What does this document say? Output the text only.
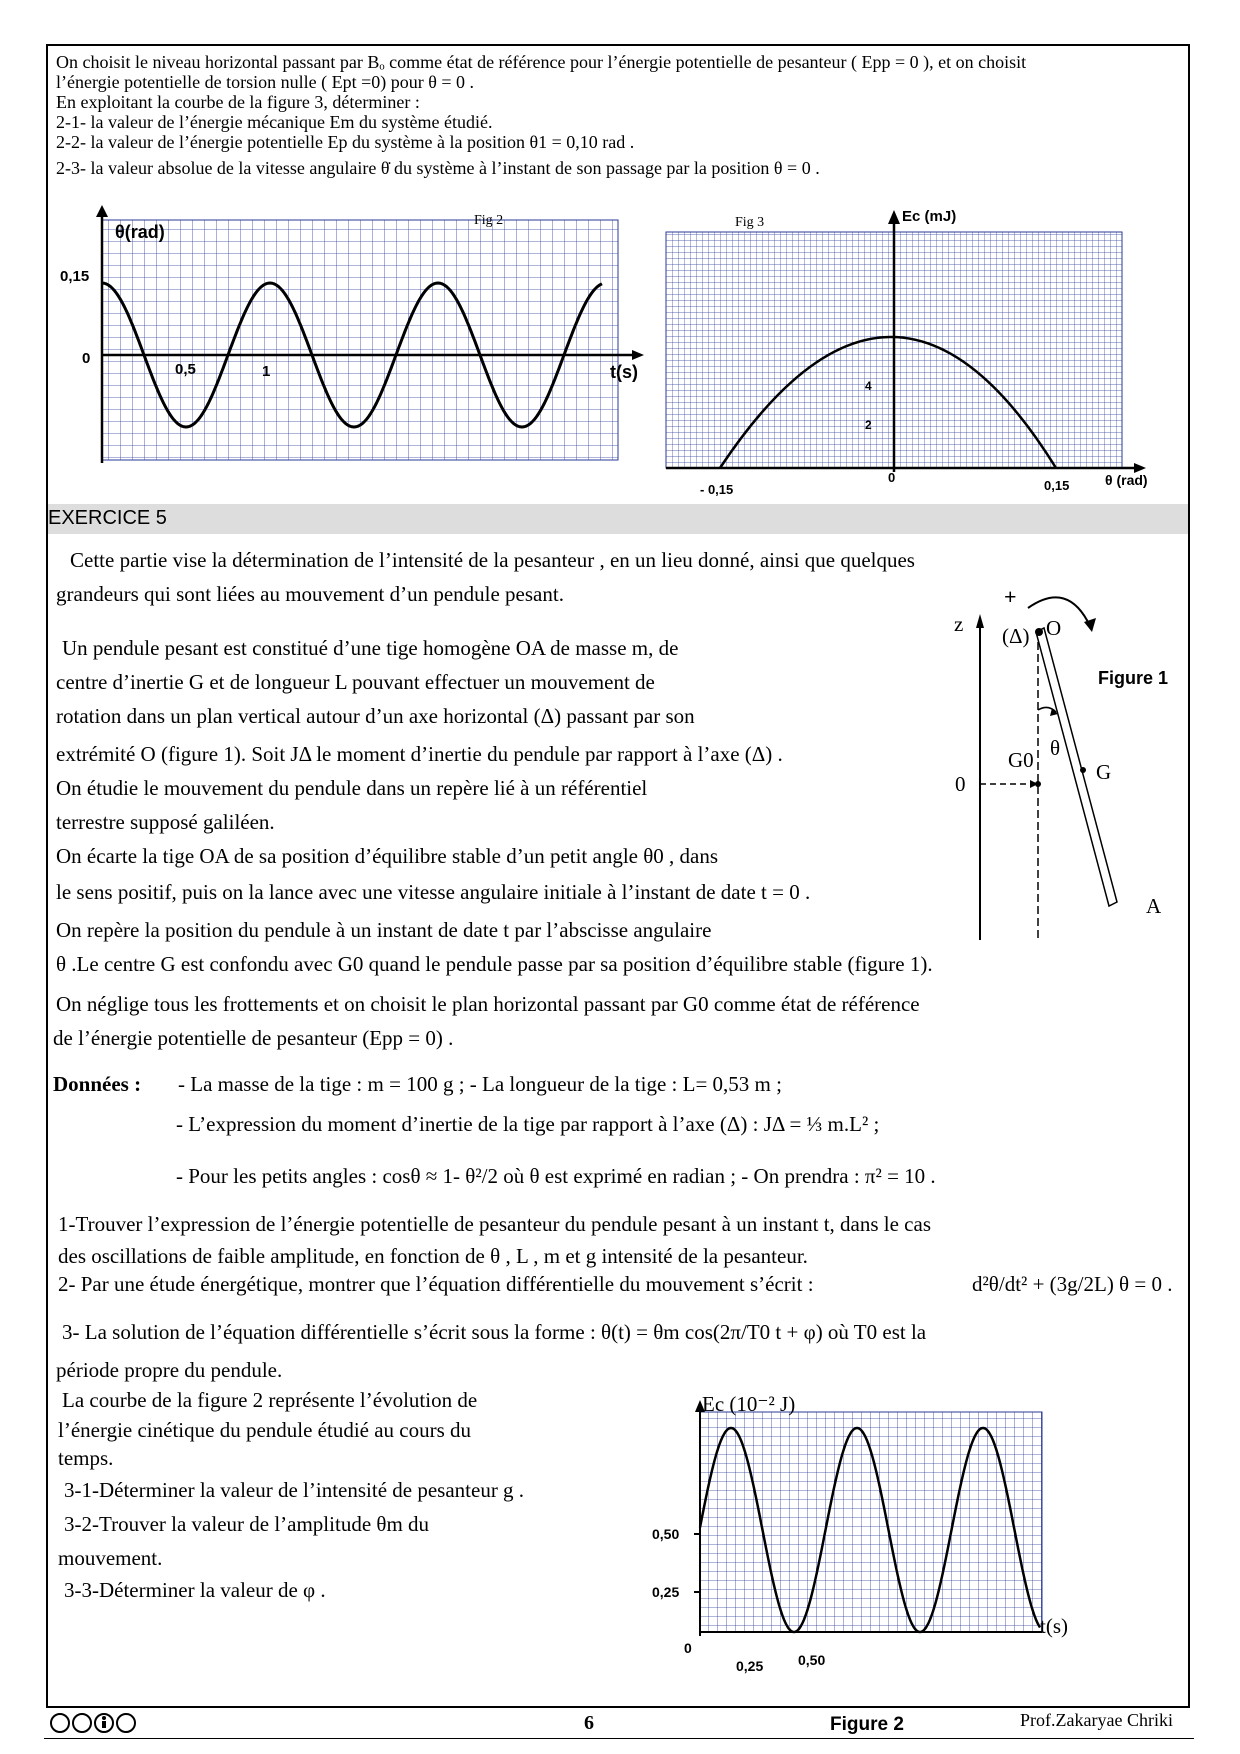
On choisit le niveau horizontal passant par Bₒ comme état de référence pour l’énergie potentielle de pesanteur ( Epp = 0 ), et on choisit
l’énergie potentielle de torsion nulle ( Ept =0) pour θ = 0 .
En exploitant la courbe de la figure 3, déterminer :
2-1- la valeur de l’énergie mécanique Em du système étudié.
2-2- la valeur de l’énergie potentielle Ep du système à la position θ1 = 0,10 rad .
2-3- la valeur absolue de la vitesse angulaire θ̇ du système à l’instant de son passage par la position θ = 0 .
θ(rad)
Fig 2
0,15
0
0,5	1	t(s)
Fig 3	Ec (mJ)
4
2
- 0,15
0
0,15	θ (rad)
EXERCICE 5
Cette partie vise la détermination de l’intensité de la pesanteur , en un lieu donné, ainsi que quelques
grandeurs qui sont liées au mouvement d’un pendule pesant.
Un pendule pesant est constitué d’une tige homogène OA de masse m, de
centre d’inertie G et de longueur L pouvant effectuer un mouvement de
rotation dans un plan vertical autour d’un axe horizontal (Δ) passant par son
extrémité O (figure 1). Soit JΔ le moment d’inertie du pendule par rapport à l’axe (Δ) .
On étudie le mouvement du pendule dans un repère lié à un référentiel
terrestre supposé galiléen.
On écarte la tige OA de sa position d’équilibre stable d’un petit angle θ0 , dans
le sens positif, puis on la lance avec une vitesse angulaire initiale à l’instant de date t = 0 .
On repère la position du pendule à un instant de date t par l’abscisse angulaire
θ .Le centre G est confondu avec G0 quand le pendule passe par sa position d’équilibre stable (figure 1).
On néglige tous les frottements et on choisit le plan horizontal passant par G0 comme état de référence
de l’énergie potentielle de pesanteur (Epp = 0) .
Données : - La masse de la tige : m = 100 g ; - La longueur de la tige : L= 0,53 m ;
- L’expression du moment d’inertie de la tige par rapport à l’axe (Δ) : JΔ = ⅓ m.L² ;
- Pour les petits angles : cosθ ≈ 1- θ²/2 où θ est exprimé en radian ; - On prendra : π² = 10 .
1-Trouver l’expression de l’énergie potentielle de pesanteur du pendule pesant à un instant t, dans le cas
des oscillations de faible amplitude, en fonction de θ , L , m et g intensité de la pesanteur.
2- Par une étude énergétique, montrer que l’équation différentielle du mouvement s’écrit :	d²θ/dt² + (3g/2L) θ = 0 .
3- La solution de l’équation différentielle s’écrit sous la forme : θ(t) = θm cos(2π/T0 t + φ) où T0 est la
période propre du pendule.
La courbe de la figure 2 représente l’évolution de
l’énergie cinétique du pendule étudié au cours du
temps.
3-1-Déterminer la valeur de l’intensité de pesanteur g .
3-2-Trouver la valeur de l’amplitude θm du
mouvement.
3-3-Déterminer la valeur de φ .
z (Δ) O
+
Figure 1
θ
G0	G
0
A
Ec (10⁻² J)
0,50
0,25
0
0,25 0,50
t(s)
cc by nc sa	6	Figure 2	Prof.Zakaryae Chriki
